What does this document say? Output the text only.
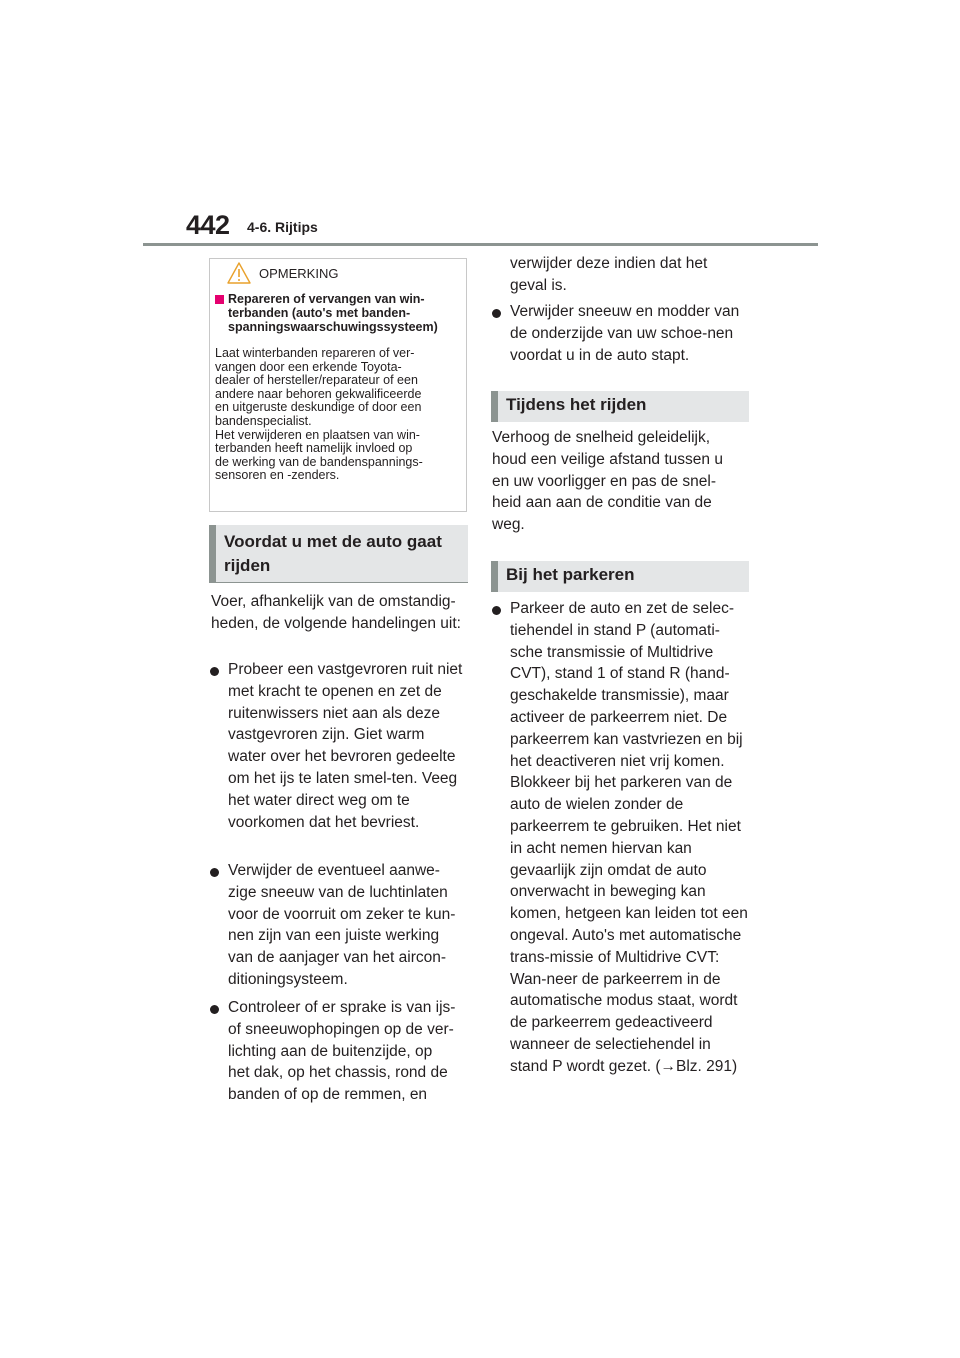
442 4-6. Rijtips
OPMERKING
Repareren of vervangen van win-terbanden (auto's met banden-spanningswaarschuwingssysteem)
Laat winterbanden repareren of ver-
vangen door een erkende Toyota-
dealer of hersteller/reparateur of een
andere naar behoren gekwalificeerde
en uitgeruste deskundige of door een
bandenspecialist.
Het verwijderen en plaatsen van win-
terbanden heeft namelijk invloed op
de werking van de bandenspannings-
sensoren en -zenders.
Voordat u met de auto gaat
rijden
Voer, afhankelijk van de omstandig-heden, de volgende handelingen uit:
Probeer een vastgevroren ruit niet met kracht te openen en zet de ruitenwissers niet aan als deze vastgevroren zijn. Giet warm water over het bevroren gedeelte om het ijs te laten smel-ten. Veeg het water direct weg om te voorkomen dat het bevriest.
Verwijder de eventueel aanwe-zige sneeuw van de luchtinlaten voor de voorruit om zeker te kun-nen zijn van een juiste werking van de aanjager van het aircon-ditioningsysteem.
Controleer of er sprake is van ijs-
of sneeuwophopingen op de ver-
lichting aan de buitenzijde, op
het dak, op het chassis, rond de
banden of op de remmen, en
verwijder deze indien dat het
geval is.
Verwijder sneeuw en modder van de onderzijde van uw schoe-nen voordat u in de auto stapt.
Tijdens het rijden
Verhoog de snelheid geleidelijk, houd een veilige afstand tussen u en uw voorligger en pas de snel-heid aan aan de conditie van de weg.
Bij het parkeren
Parkeer de auto en zet de selec-tiehendel in stand P (automati-sche transmissie of Multidrive CVT), stand 1 of stand R (hand-geschakelde transmissie), maar activeer de parkeerrem niet. De parkeerrem kan vastvriezen en bij het deactiveren niet vrij komen. Blokkeer bij het parkeren van de auto de wielen zonder de parkeerrem te gebruiken. Het niet in acht nemen hiervan kan gevaarlijk zijn omdat de auto onverwacht in beweging kan komen, hetgeen kan leiden tot een ongeval. Auto's met automatische trans-missie of Multidrive CVT: Wan-neer de parkeerrem in de automatische modus staat, wordt de parkeerrem gedeactiveerd wanneer de selectiehendel in stand P wordt gezet. (→Blz. 291)
